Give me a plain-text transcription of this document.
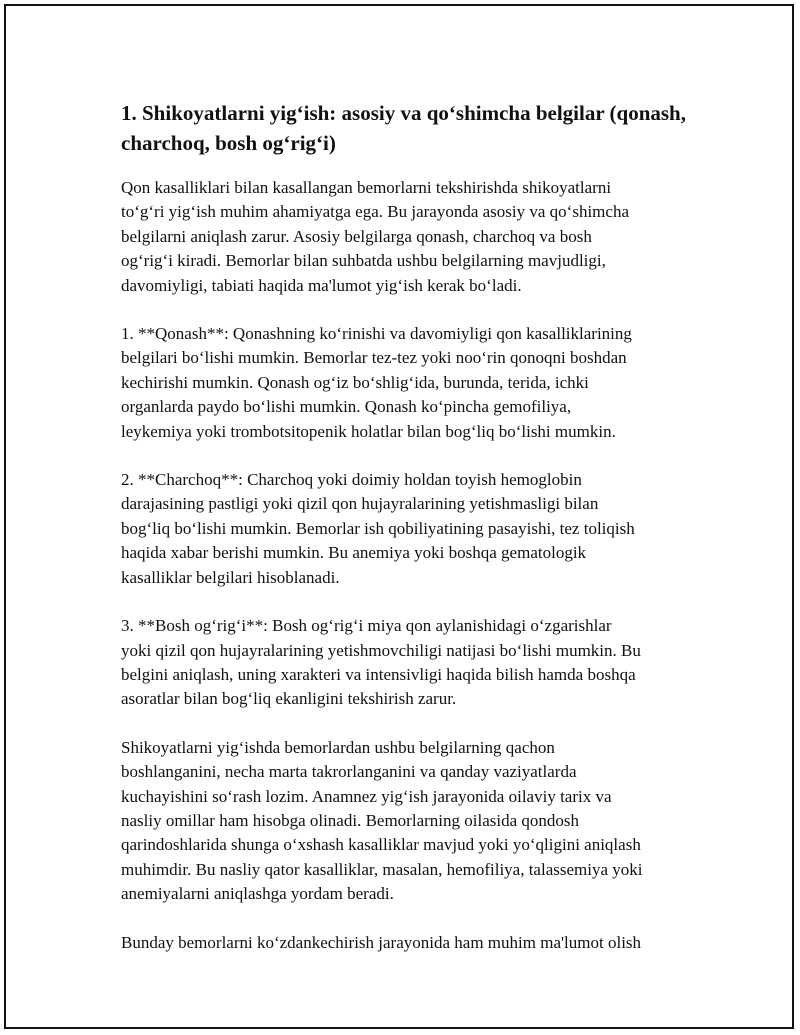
1. Shikoyatlarni yig‘ish: asosiy va qo‘shimcha belgilar (qonash,
charchoq, bosh og‘rig‘i)

Qon kasalliklari bilan kasallangan bemorlarni tekshirishda shikoyatlarni
to‘g‘ri yig‘ish muhim ahamiyatga ega. Bu jarayonda asosiy va qo‘shimcha
belgilarni aniqlash zarur. Asosiy belgilarga qonash, charchoq va bosh
og‘rig‘i kiradi. Bemorlar bilan suhbatda ushbu belgilarning mavjudligi,
davomiyligi, tabiati haqida ma'lumot yig‘ish kerak bo‘ladi.

1. **Qonash**: Qonashning ko‘rinishi va davomiyligi qon kasalliklarining
belgilari bo‘lishi mumkin. Bemorlar tez-tez yoki noo‘rin qonoqni boshdan
kechirishi mumkin. Qonash og‘iz bo‘shlig‘ida, burunda, terida, ichki
organlarda paydo bo‘lishi mumkin. Qonash ko‘pincha gemofiliya,
leykemiya yoki trombotsitopenik holatlar bilan bog‘liq bo‘lishi mumkin.

2. **Charchoq**: Charchoq yoki doimiy holdan toyish hemoglobin
darajasining pastligi yoki qizil qon hujayralarining yetishmasligi bilan
bog‘liq bo‘lishi mumkin. Bemorlar ish qobiliyatining pasayishi, tez toliqish
haqida xabar berishi mumkin. Bu anemiya yoki boshqa gematologik
kasalliklar belgilari hisoblanadi.

3. **Bosh og‘rig‘i**: Bosh og‘rig‘i miya qon aylanishidagi o‘zgarishlar
yoki qizil qon hujayralarining yetishmovchiligi natijasi bo‘lishi mumkin. Bu
belgini aniqlash, uning xarakteri va intensivligi haqida bilish hamda boshqa
asoratlar bilan bog‘liq ekanligini tekshirish zarur.

Shikoyatlarni yig‘ishda bemorlardan ushbu belgilarning qachon
boshlanganini, necha marta takrorlanganini va qanday vaziyatlarda
kuchayishini so‘rash lozim. Anamnez yig‘ish jarayonida oilaviy tarix va
nasliy omillar ham hisobga olinadi. Bemorlarning oilasida qondosh
qarindoshlarida shunga o‘xshash kasalliklar mavjud yoki yo‘qligini aniqlash
muhimdir. Bu nasliy qator kasalliklar, masalan, hemofiliya, talassemiya yoki
anemiyalarni aniqlashga yordam beradi.

Bunday bemorlarni ko‘zdankechirish jarayonida ham muhim ma'lumot olish
